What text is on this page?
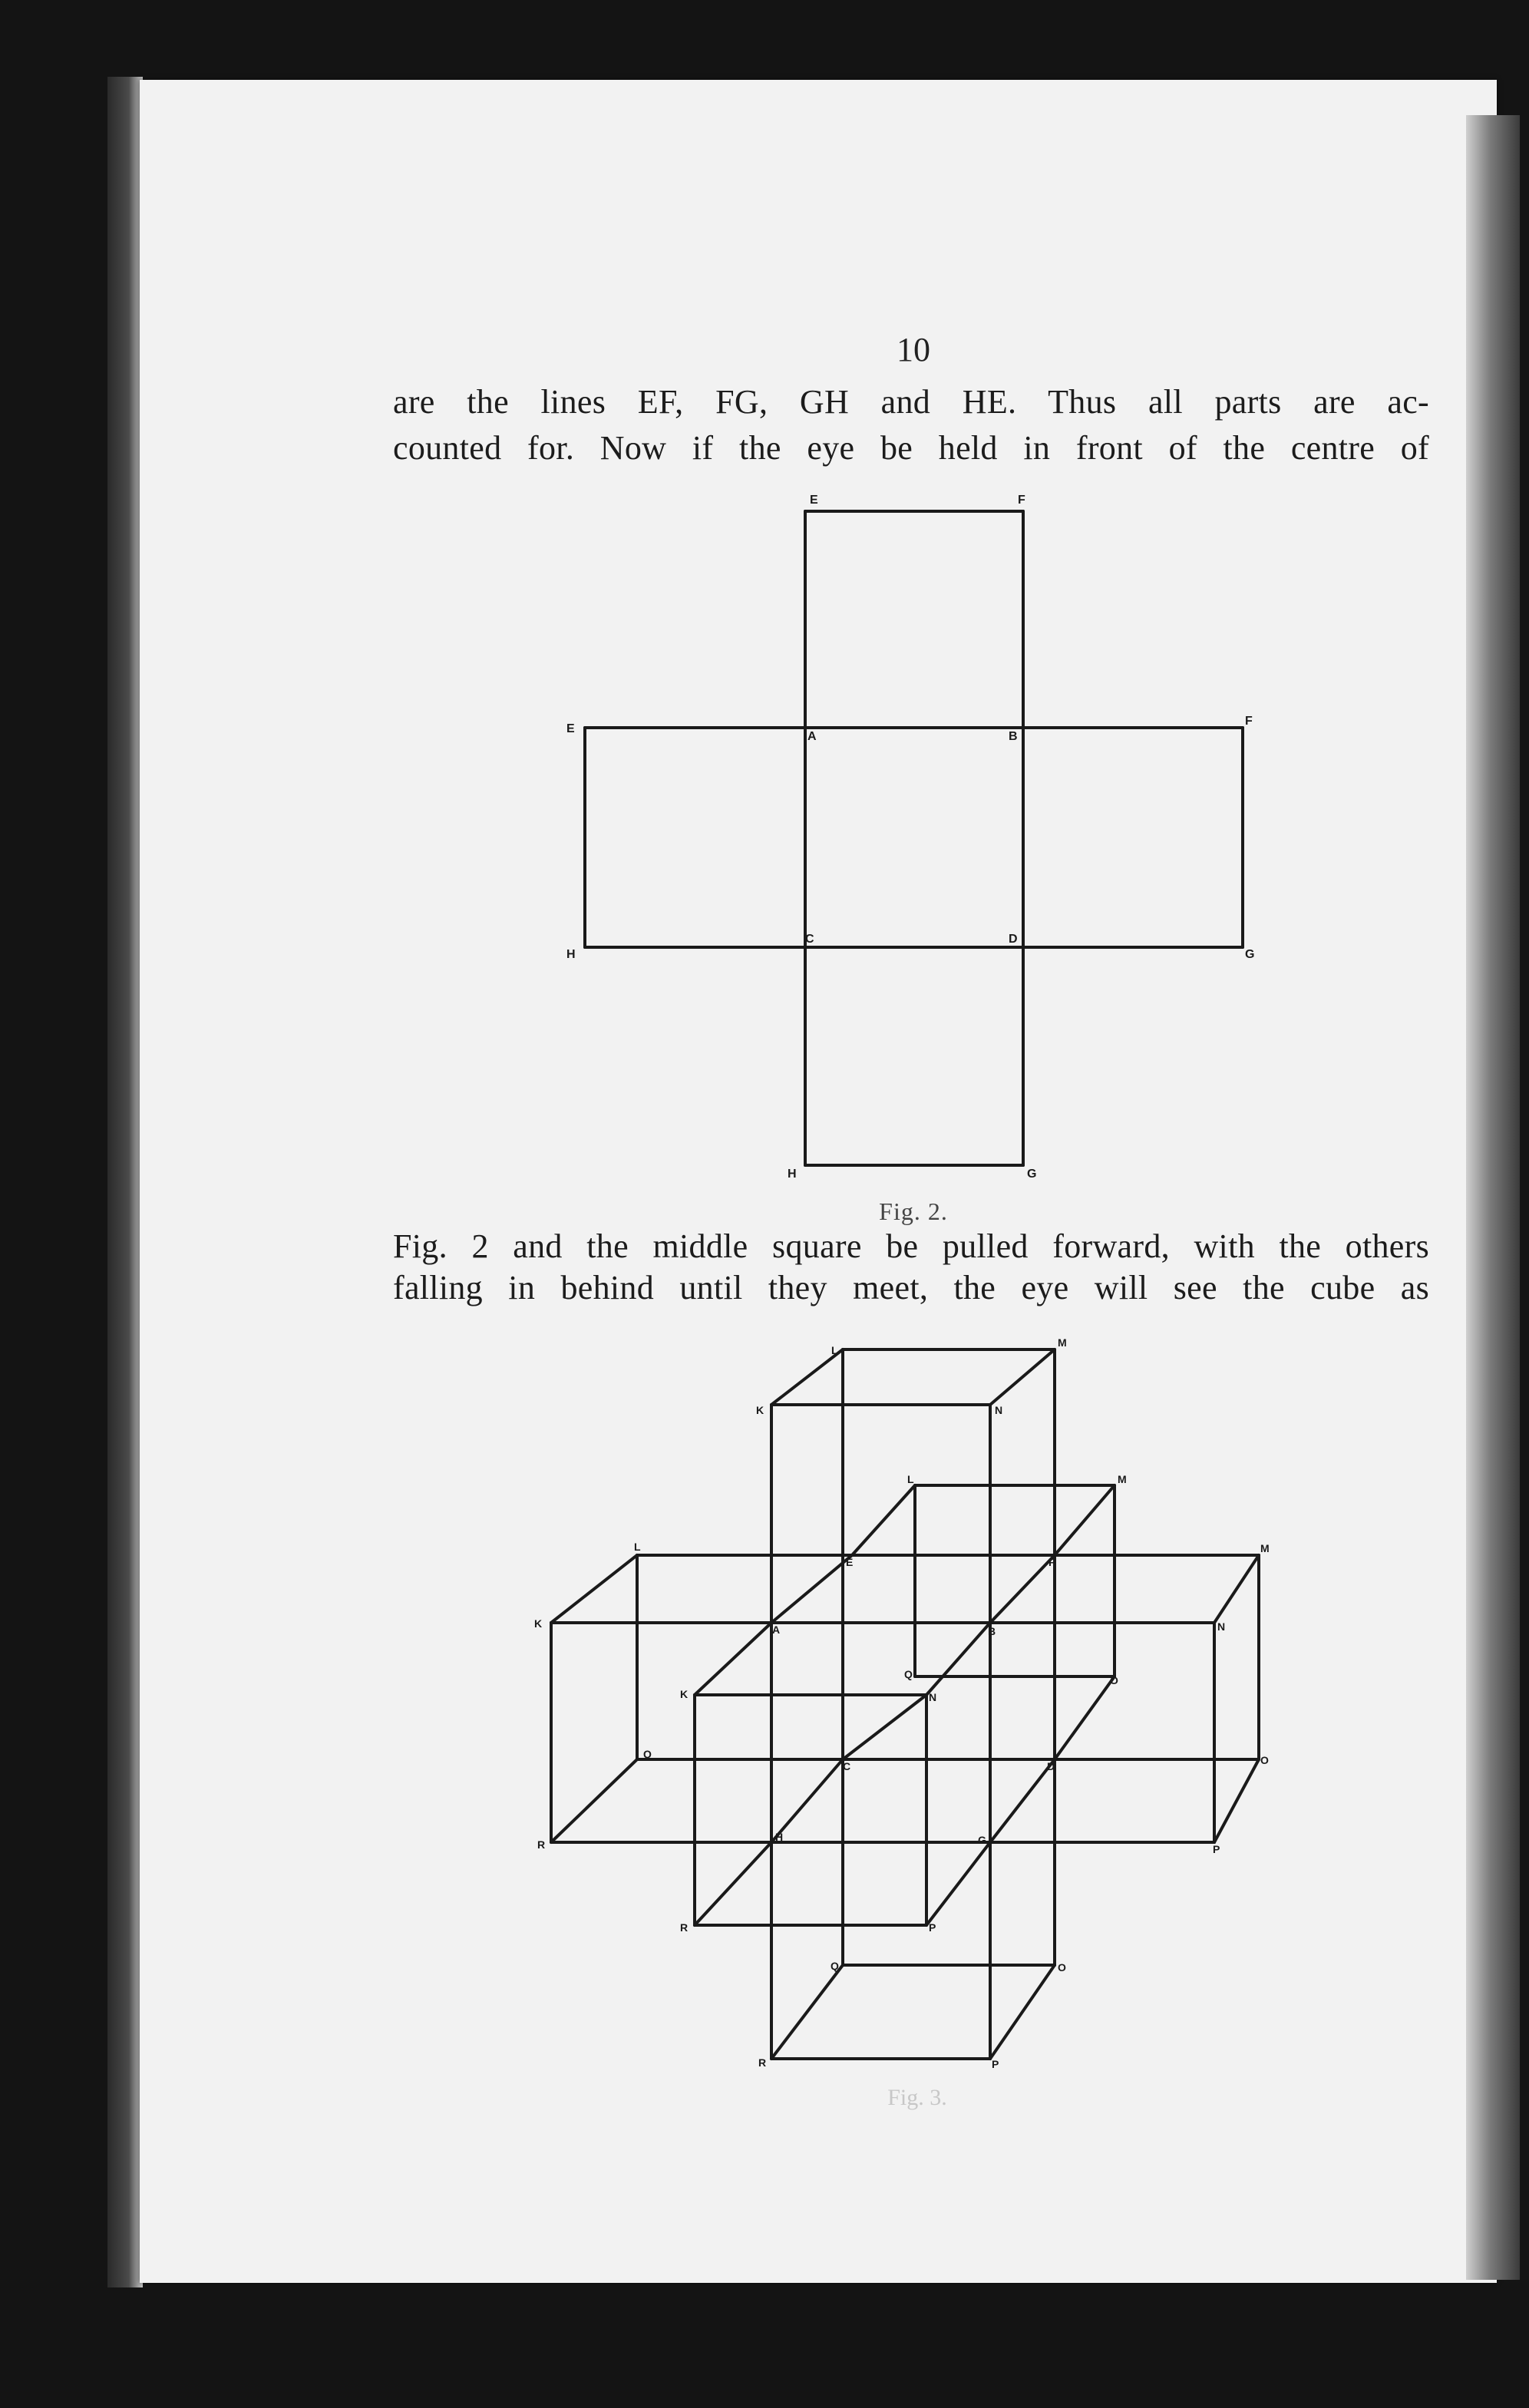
10
are the lines EF, FG, GH and HE. Thus all parts are ac-
counted for. Now if the eye be held in front of the centre of
E	F
E
F
A	B
C	D
H	G
H	G
Fig. 2.
Fig. 2 and the middle square be pulled forward, with the others
falling in behind until they meet, the eye will see the cube as
L
M
K	N
L	M
L	M
E	F
K	A	B	N
Q	O
K	N
C	D
Q	O
R
H	G
P
R	P
Q	O
R	P
Fig. 3.
